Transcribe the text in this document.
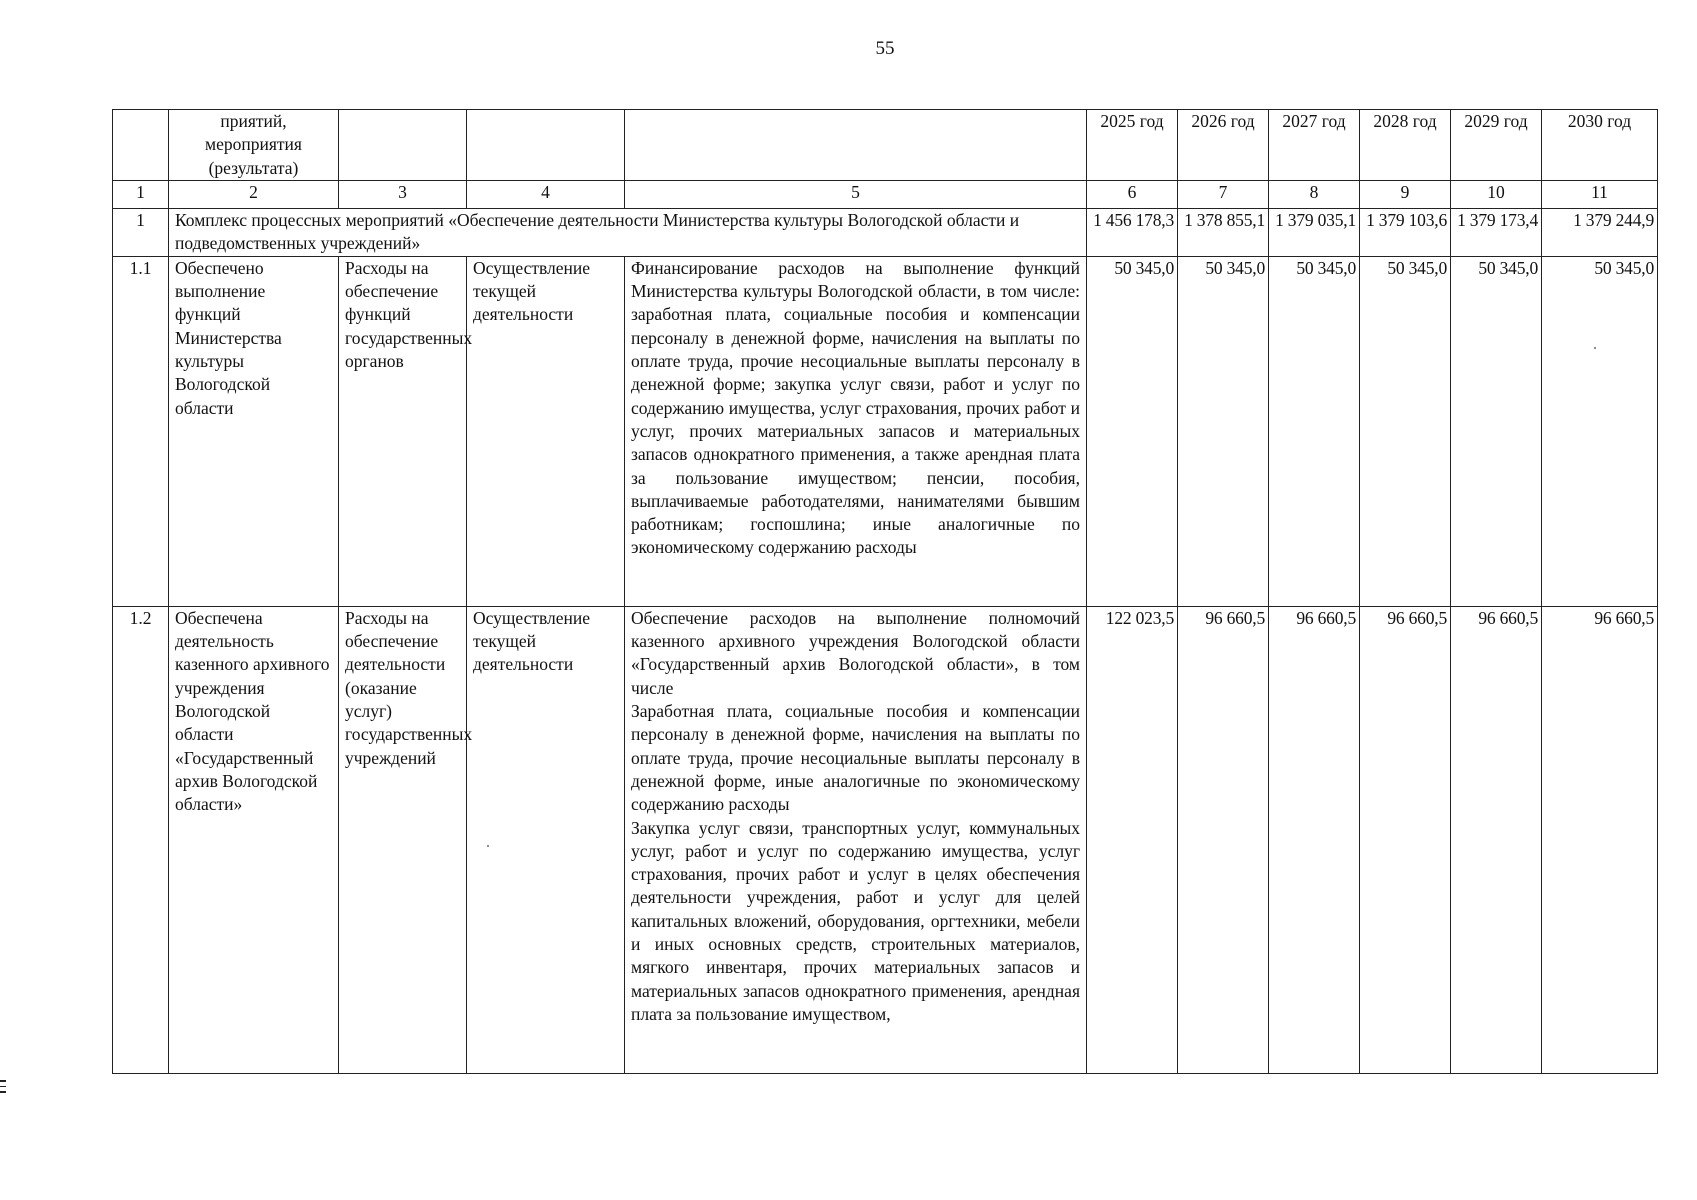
55
	приятий, мероприятия (результата)				2025 год	2026 год	2027 год	2028 год	2029 год	2030 год
1	2	3	4	5	6	7	8	9	10	11
1	Комплекс процессных мероприятий «Обеспечение деятельности Министерства культуры Вологодской области и подведомственных учреждений»				1 456 178,3	1 378 855,1	1 379 035,1	1 379 103,6	1 379 173,4	1 379 244,9
1.1	Обеспечено выполнение функций Министерства культуры Вологодской области	Расходы на обеспечение функций государственных органов	Осуществление текущей деятельности	Финансирование расходов на выполнение функций Министерства культуры Вологодской области, в том числе: заработная плата, социальные пособия и компенсации персоналу в денежной форме, начисления на выплаты по оплате труда, прочие несоциальные выплаты персоналу в денежной форме; закупка услуг связи, работ и услуг по содержанию имущества, услуг страхования, прочих работ и услуг, прочих материальных запасов и материальных запасов однократного применения, а также арендная плата за пользование имуществом; пенсии, пособия, выплачиваемые работодателями, нанимателями бывшим работникам; госпошлина; иные аналогичные по экономическому содержанию расходы	50 345,0	50 345,0	50 345,0	50 345,0	50 345,0	50 345,0
1.2	Обеспечена деятельность казенного архивного учреждения Вологодской области «Государственный архив Вологодской области»	Расходы на обеспечение деятельности (оказание услуг) государственных учреждений	Осуществление текущей деятельности	Обеспечение расходов на выполнение полномочий казенного архивного учреждения Вологодской области «Государственный архив Вологодской области», в том числе
Заработная плата, социальные пособия и компенсации персоналу в денежной форме, начисления на выплаты по оплате труда, прочие несоциальные выплаты персоналу в денежной форме, иные аналогичные по экономическому содержанию расходы
Закупка услуг связи, транспортных услуг, коммунальных услуг, работ и услуг по содержанию имущества, услуг страхования, прочих работ и услуг в целях обеспечения деятельности учреждения, работ и услуг для целей капитальных вложений, оборудования, оргтехники, мебели и иных основных средств, строительных материалов, мягкого инвентаря, прочих материальных запасов и материальных запасов однократного применения, арендная плата за пользование имуществом,	122 023,5	96 660,5	96 660,5	96 660,5	96 660,5	96 660,5
